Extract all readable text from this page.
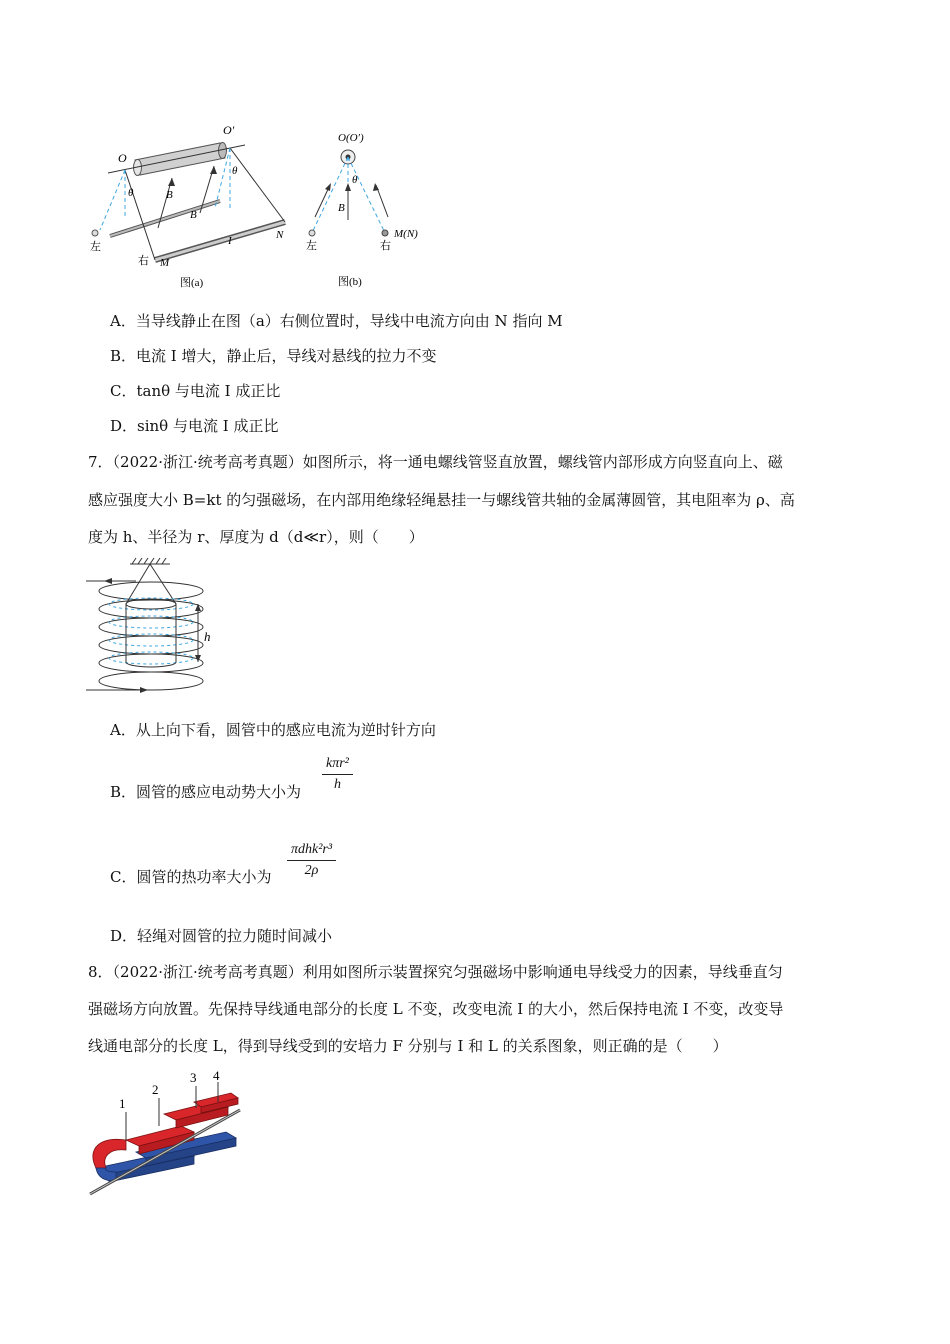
O
O′
θ
θ
B
B
I	N
M
左
右
图(a)
O(O′)
θ
B
左	右
M(N)
图(b)
A．当导线静止在图（a）右侧位置时，导线中电流方向由 N 指向 M
B．电流 I 增大，静止后，导线对悬线的拉力不变
C．tanθ 与电流 I 成正比
D．sinθ 与电流 I 成正比
7．（2022·浙江·统考高考真题）如图所示，将一通电螺线管竖直放置，螺线管内部形成方向竖直向上、磁
感应强度大小 B=kt 的匀强磁场，在内部用绝缘轻绳悬挂一与螺线管共轴的金属薄圆管，其电阻率为 ρ、高
度为 h、半径为 r、厚度为 d（d≪r），则（　　）
h
A．从上向下看，圆管中的感应电流为逆时针方向
B．圆管的感应电动势大小为
kπr²
h
C．圆管的热功率大小为
πdhk²r³
2ρ
D．轻绳对圆管的拉力随时间减小
8．（2022·浙江·统考高考真题）利用如图所示装置探究匀强磁场中影响通电导线受力的因素，导线垂直匀
强磁场方向放置。先保持导线通电部分的长度 L 不变，改变电流 I 的大小，然后保持电流 I 不变，改变导
线通电部分的长度 L，得到导线受到的安培力 F 分别与 I 和 L 的关系图象，则正确的是（　　）
1
2
3 4
